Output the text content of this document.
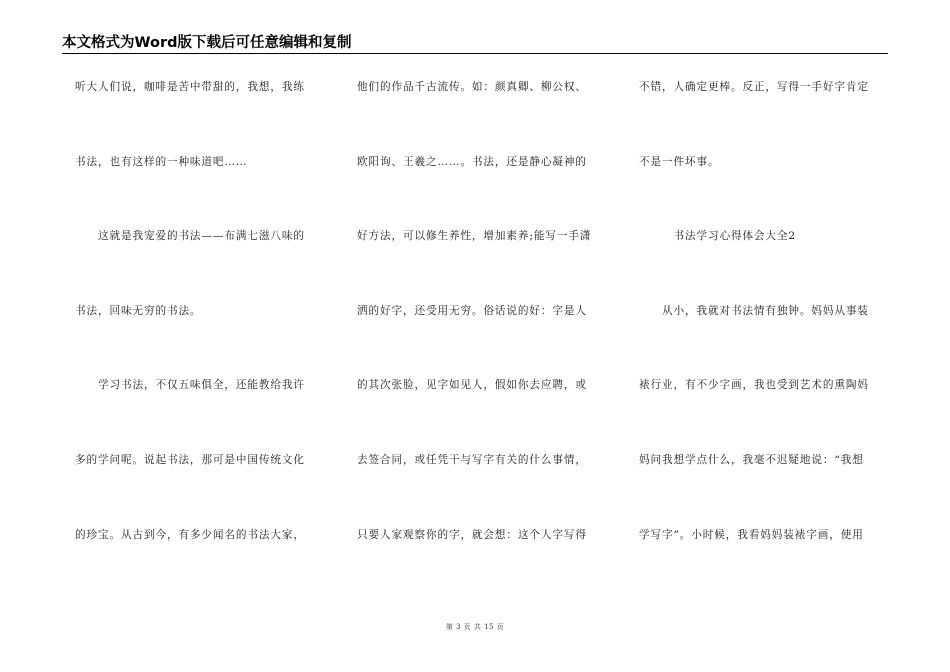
本文格式为Word版下载后可任意编辑和复制
听大人们说，咖啡是苦中带甜的，我想，我练
书法，也有这样的一种味道吧……
　　这就是我宠爱的书法——布满七滋八味的
书法，回味无穷的书法。
　　学习书法，不仅五味俱全，还能教给我许
多的学问呢。说起书法，那可是中国传统文化
的珍宝。从古到今，有多少闻名的书法大家，
他们的作品千古流传。如：颜真卿、柳公权、
欧阳询、王羲之……。书法，还是静心凝神的
好方法，可以修生养性，增加素养;能写一手潇
洒的好字，还受用无穷。俗话说的好：字是人
的其次张脸，见字如见人，假如你去应聘，或
去签合同，或任凭干与写字有关的什么事情，
只要人家观察你的字，就会想：这个人字写得
不错，人确定更棒。反正，写得一手好字肯定
不是一件坏事。
　　　书法学习心得体会大全2
　　从小，我就对书法情有独钟。妈妈从事装
裱行业，有不少字画，我也受到艺术的熏陶妈
妈问我想学点什么，我毫不迟疑地说：“我想
学写字”。小时候，我看妈妈装裱字画，使用
第 3 页 共 15 页
